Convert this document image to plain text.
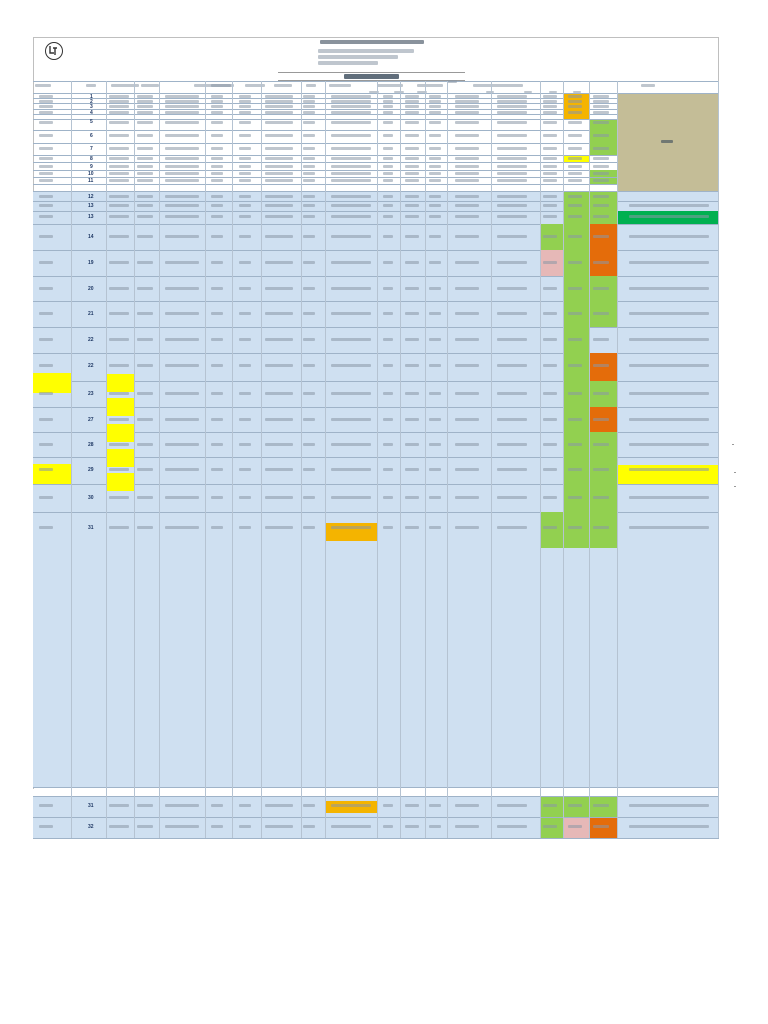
1
2
3
4
5
6
7
8
9
10
11
12
13
13
14
19
20
21
22
22
23
27
28
29
30
31
31
32
